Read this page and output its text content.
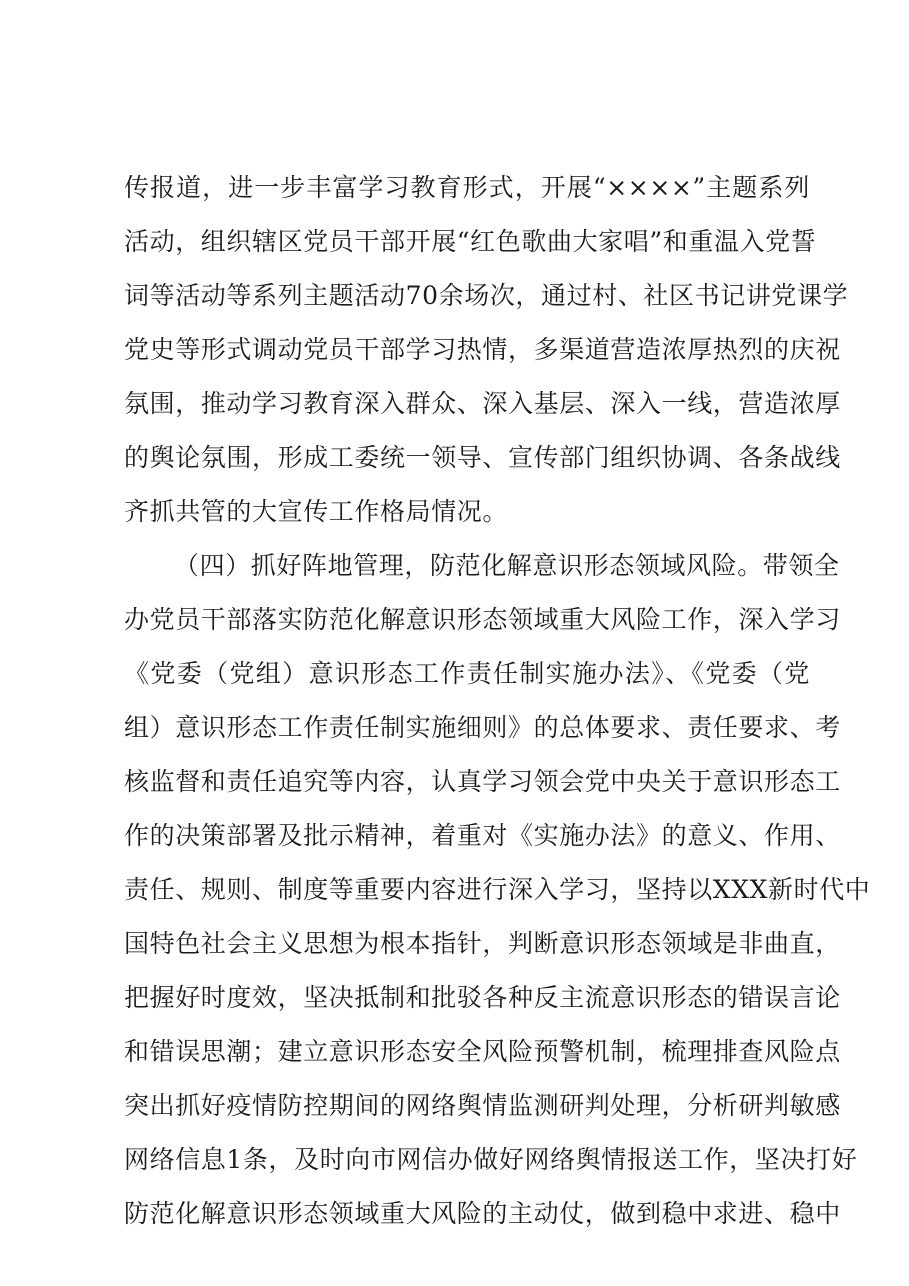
传报道，进一步丰富学习教育形式，开展“××××”主题系列
活动，组织辖区党员干部开展“红色歌曲大家唱”和重温入党誓
词等活动等系列主题活动70余场次，通过村、社区书记讲党课学
党史等形式调动党员干部学习热情，多渠道营造浓厚热烈的庆祝
氛围，推动学习教育深入群众、深入基层、深入一线，营造浓厚
的舆论氛围，形成工委统一领导、宣传部门组织协调、各条战线
齐抓共管的大宣传工作格局情况。
（四）抓好阵地管理，防范化解意识形态领域风险。带领全
办党员干部落实防范化解意识形态领域重大风险工作，深入学习
《党委（党组）意识形态工作责任制实施办法》、《党委（党
组）意识形态工作责任制实施细则》的总体要求、责任要求、考
核监督和责任追究等内容，认真学习领会党中央关于意识形态工
作的决策部署及批示精神，着重对《实施办法》的意义、作用、
责任、规则、制度等重要内容进行深入学习，坚持以XXX新时代中
国特色社会主义思想为根本指针，判断意识形态领域是非曲直，
把握好时度效，坚决抵制和批驳各种反主流意识形态的错误言论
和错误思潮；建立意识形态安全风险预警机制，梳理排查风险点
突出抓好疫情防控期间的网络舆情监测研判处理，分析研判敏感
网络信息1条，及时向市网信办做好网络舆情报送工作，坚决打好
防范化解意识形态领域重大风险的主动仗，做到稳中求进、稳中
